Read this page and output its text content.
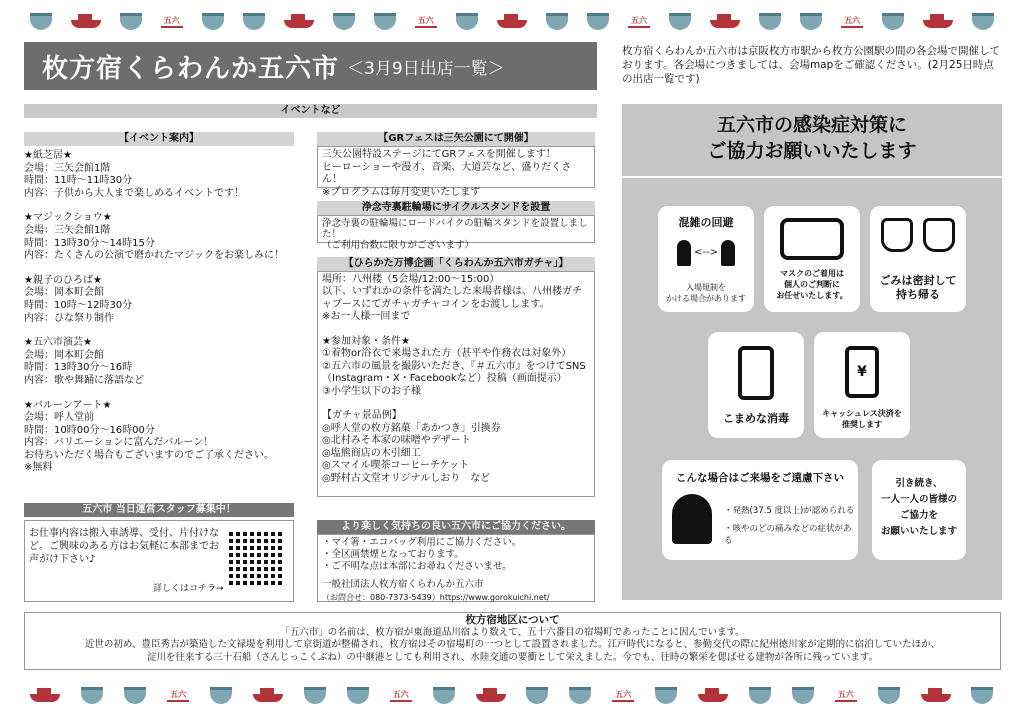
五六	五六	五六	五六
枚方宿くらわんか五六市 ＜3月9日出店一覧＞
枚方宿くらわんか五六市は京阪枚方市駅から枚方公園駅の間の各会場で開催しております。各会場につきましては、会場mapをご確認ください。(2月25日時点の出店一覧です)
イベントなど
【イベント案内】
★紙芝居★
会場：三矢会館1階
時間：11時～11時30分
内容：子供から大人まで楽しめるイベントです！
★マジックショウ★
会場：三矢会館1階
時間：13時30分～14時15分
内容：たくさんの公演で磨かれたマジックをお楽しみに！
★親子のひろば★
会場：岡本町会館
時間：10時～12時30分
内容：ひな祭り制作
★五六市演芸★
会場：岡本町会館
時間：13時30分～16時
内容：歌や舞踊に落語など
★バルーンアート★
会場：呼人堂前
時間：10時00分～16時00分
内容：バリエーションに富んだバルーン！
お待ちいただく場合もございますのでご了承ください。
※無料
五六市 当日運営スタッフ募集中！
お仕事内容は搬入車誘導、受付、片付けなど。ご興味のある方はお気軽に本部までお声がけ下さい♪
詳しくはコチラ→
【GRフェスは三矢公園にて開催】
三矢公園特設ステージにてGRフェスを開催します！
ヒーローショーや漫才、音楽、大道芸など、盛りだくさん！
※プログラムは毎月変更いたします
浄念寺裏駐輪場にサイクルスタンドを設置
浄念寺裏の駐輪場にロードバイクの駐輪スタンドを設置しました！
（ご利用台数に限りがございます）
【ひらかた万博企画「くらわんか五六市ガチャ」】
場所：八州楼（5会場/12:00～15:00）
以下、いずれかの条件を満たした来場者様は、八州楼ガチャブースにてガチャガチャコインをお渡しします。
※お一人様一回まで

★参加対象・条件★
①着物or浴衣で来場された方（甚平や作務衣は対象外）
②五六市の風景を撮影いただき、『＃五六市』をつけてSNS（Instagram・X・Facebookなど）投稿（画面提示）
③小学生以下のお子様

【ガチャ景品例】
◎呼人堂の枚方銘菓「あかつき」引換券
◎北村みそ本家の味噌やデザート
◎塩熊商店の木引細工
◎スマイル喫茶コーヒーチケット
◎野村古文堂オリジナルしおり　など
より楽しく気持ちの良い五六市にご協力ください。
・マイ箸・エコバッグ利用にご協力ください。
・全区画禁煙となっております。
・ご不明な点は本部にお尋ねくださいませ。
一般社団法人枚方宿くらわんか五六市
（お問合せ：080-7373-5439）https://www.gorokuichi.net/
五六市の感染症対策に
ご協力お願いいたします
混雑の回避
<-->
入場規制を
かける場合があります
マスクのご着用は
個人のご判断に
お任せいたします。

ごみは密封して
持ち帰る
こまめな消毒
¥
キャッシュレス決済を
推奨します
こんな場合はご来場をご遠慮下さい
・発熱(37.5 度以上)が認められる
・咳やのどの痛みなどの症状がある
引き続き、
一人一人の皆様の
ご協力を
お願いいたします
枚方宿地区について
「五六市」の名前は、枚方宿が東海道品川宿より数えて、五十六番目の宿場町であったことに因んでいます。
近世の初め、豊臣秀吉が築造した文禄堤を利用して京街道が整備され、枚方宿はその宿場町の一つとして設置されました。江戸時代になると、参勤交代の際に紀州徳川家が定期的に宿泊していたほか、
淀川を往来する三十石船（さんじっこくぶね）の中継港としても利用され、水陸交通の要衝として栄えました。今でも、往時の繁栄を偲ばせる建物が各所に残っています。
五六	五六	五六	五六
